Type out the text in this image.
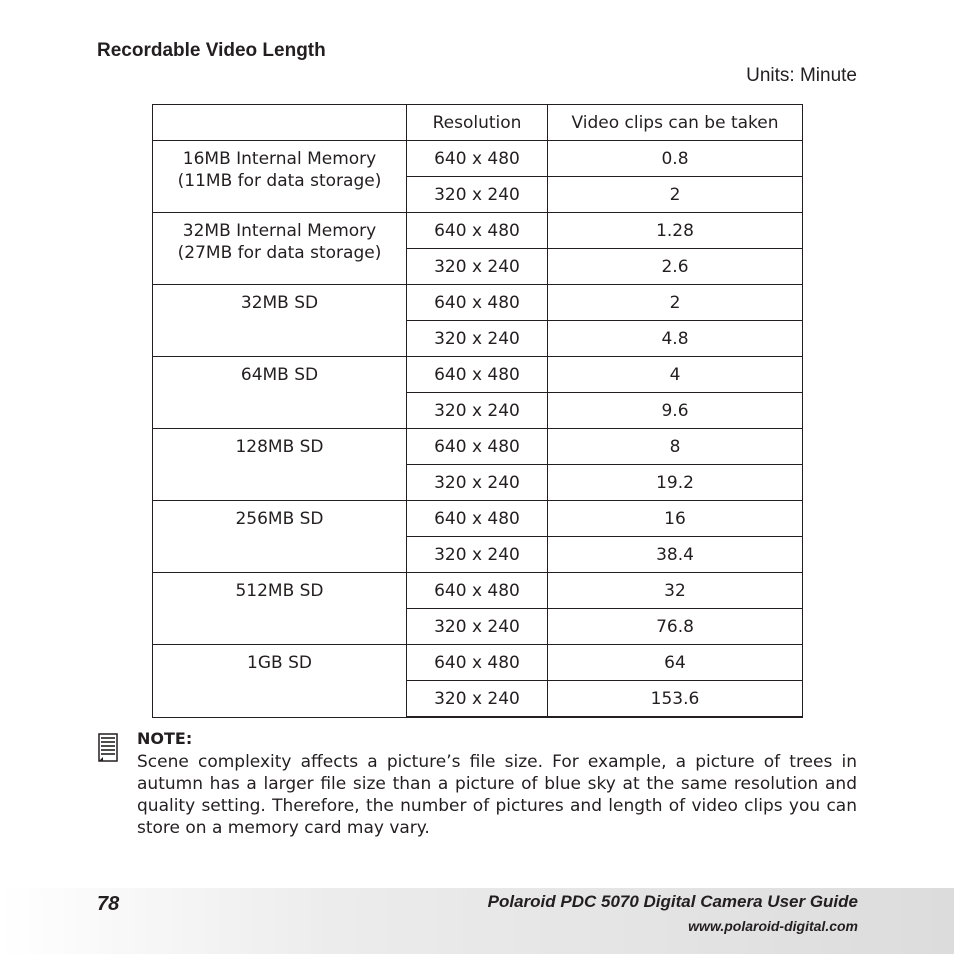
Recordable Video Length
Units: Minute
	Resolution	Video clips can be taken

16MB Internal Memory
(11MB for data storage)	640 x 480	0.8
	320 x 240	2

32MB Internal Memory
(27MB for data storage)	640 x 480	1.28
	320 x 240	2.6

32MB SD	640 x 480	2
	320 x 240	4.8

64MB SD	640 x 480	4
	320 x 240	9.6

128MB SD	640 x 480	8
	320 x 240	19.2

256MB SD	640 x 480	16
	320 x 240	38.4

512MB SD	640 x 480	32
	320 x 240	76.8

1GB SD	640 x 480	64
	320 x 240	153.6
NOTE:

Scene complexity affects a picture’s file size. For example, a picture of trees in autumn has a larger file size than a picture of blue sky at the same resolution and quality setting. Therefore, the number of pictures and length of video clips you can store on a memory card may vary.

78	Polaroid PDC 5070 Digital Camera User Guide
www.polaroid-digital.com
